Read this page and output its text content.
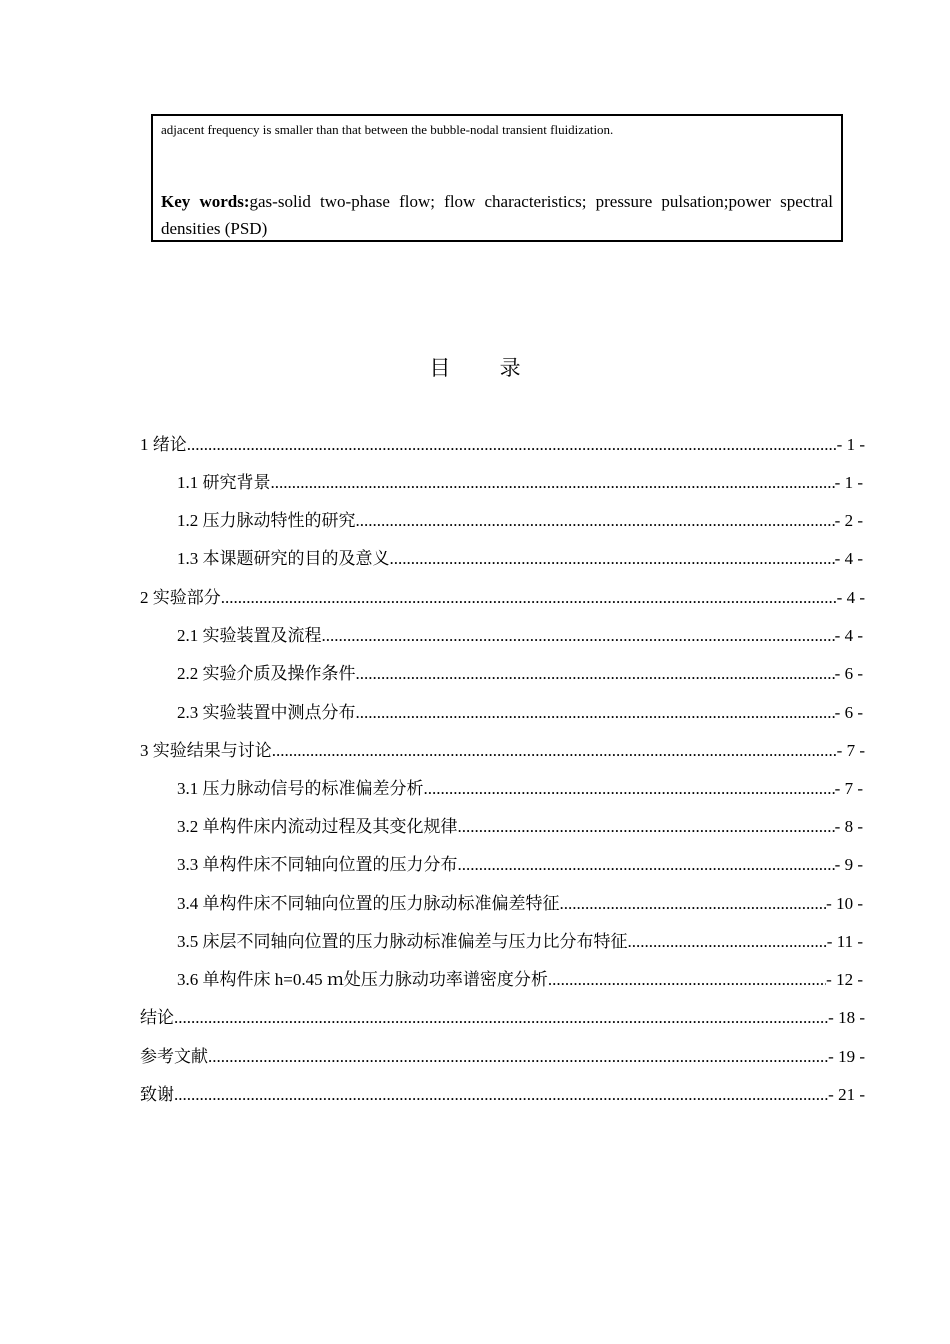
adjacent frequency is smaller than that between the bubble-nodal transient fluidization.

Key words:gas-solid two-phase flow; flow characteristics; pressure pulsation;power spectral densities (PSD)

目 录
1 绪论 .....	- 1 -
1.1 研究背景 .....	- 1 -
1.2 压力脉动特性的研究 .....	- 2 -
1.3 本课题研究的目的及意义 .....	- 4 -
2 实验部分 .....	- 4 -
2.1 实验装置及流程 .....	- 4 -
2.2 实验介质及操作条件 .....	- 6 -
2.3 实验装置中测点分布 .....	- 6 -
3 实验结果与讨论 .....	- 7 -
3.1 压力脉动信号的标准偏差分析 .....	- 7 -
3.2 单构件床内流动过程及其变化规律 .....	- 8 -
3.3 单构件床不同轴向位置的压力分布 .....	- 9 -
3.4 单构件床不同轴向位置的压力脉动标准偏差特征 .....	- 10 -
3.5 床层不同轴向位置的压力脉动标准偏差与压力比分布特征 .....	- 11 -
3.6 单构件床 h=0.45 ｍ处压力脉动功率谱密度分析 .....	- 12 -
结论 .....	- 18 -
参考文献 .....	- 19 -
致谢 .....	- 21 -
